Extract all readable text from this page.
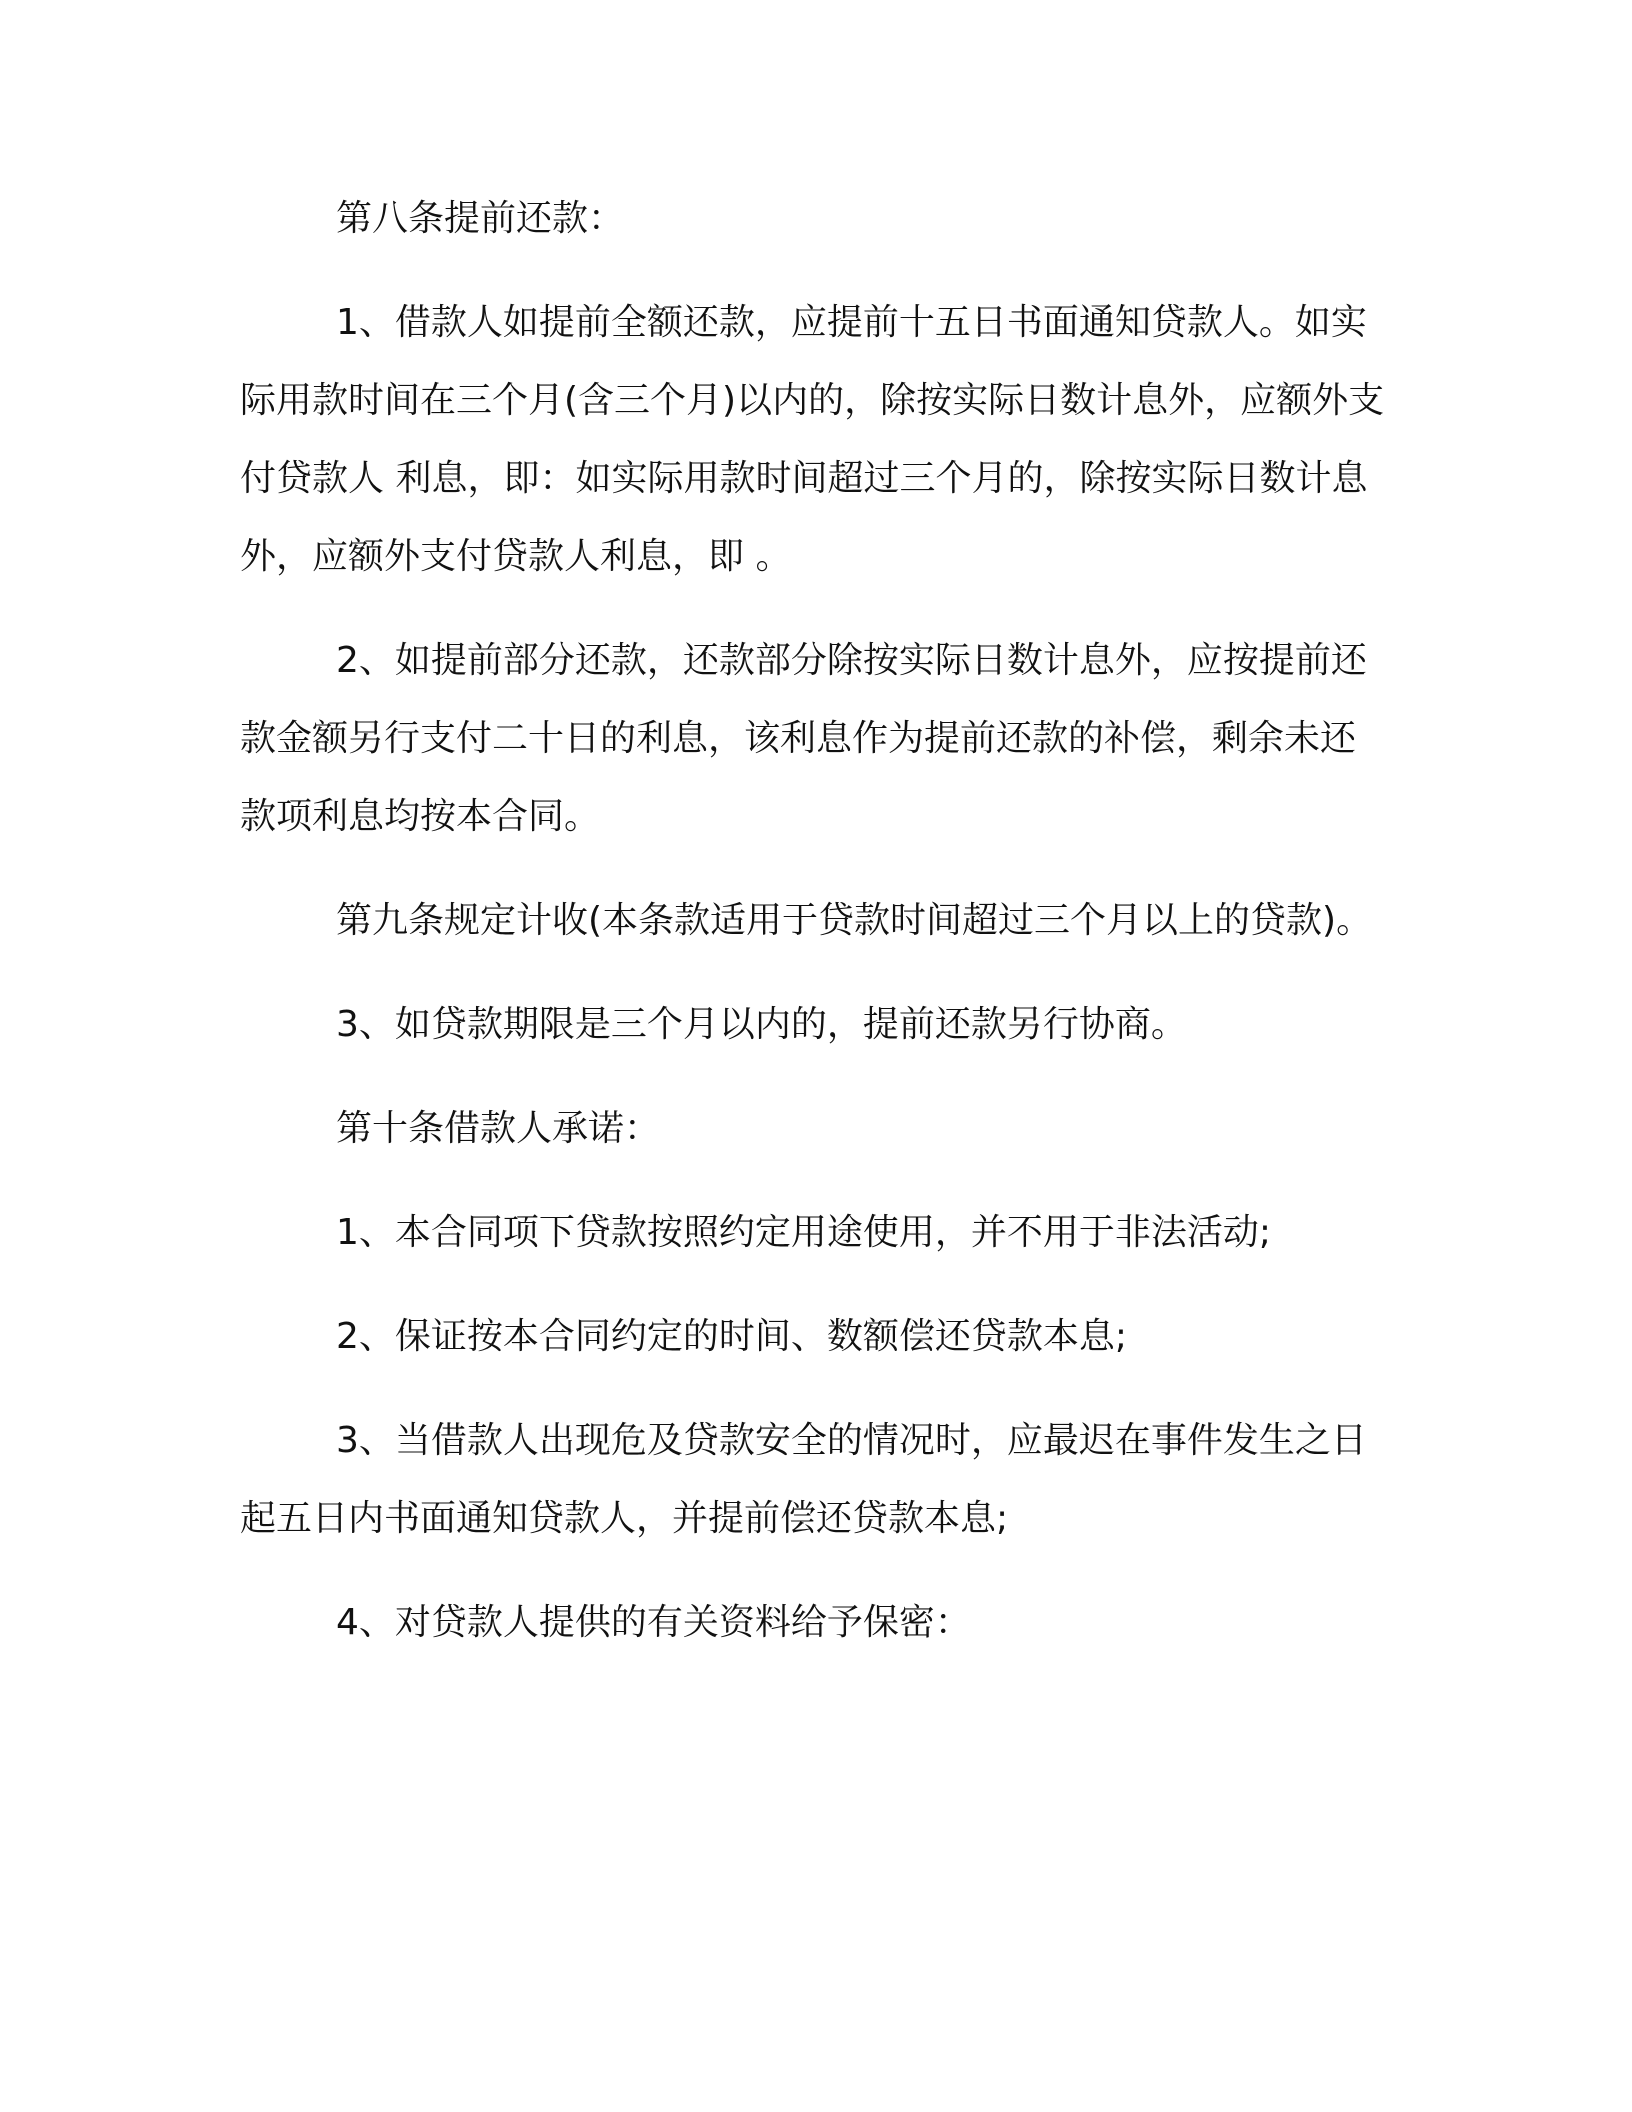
第八条提前还款：

1、借款人如提前全额还款，应提前十五日书面通知贷款人。如实际用款时间在三个月(含三个月)以内的，除按实际日数计息外，应额外支付贷款人 利息，即：如实际用款时间超过三个月的，除按实际日数计息外，应额外支付贷款人利息，即 。

2、如提前部分还款，还款部分除按实际日数计息外，应按提前还款金额另行支付二十日的利息，该利息作为提前还款的补偿，剩余未还款项利息均按本合同。

第九条规定计收(本条款适用于贷款时间超过三个月以上的贷款)。

3、如贷款期限是三个月以内的，提前还款另行协商。

第十条借款人承诺：

1、本合同项下贷款按照约定用途使用，并不用于非法活动;

2、保证按本合同约定的时间、数额偿还贷款本息;

3、当借款人出现危及贷款安全的情况时，应最迟在事件发生之日起五日内书面通知贷款人，并提前偿还贷款本息;

4、对贷款人提供的有关资料给予保密：
